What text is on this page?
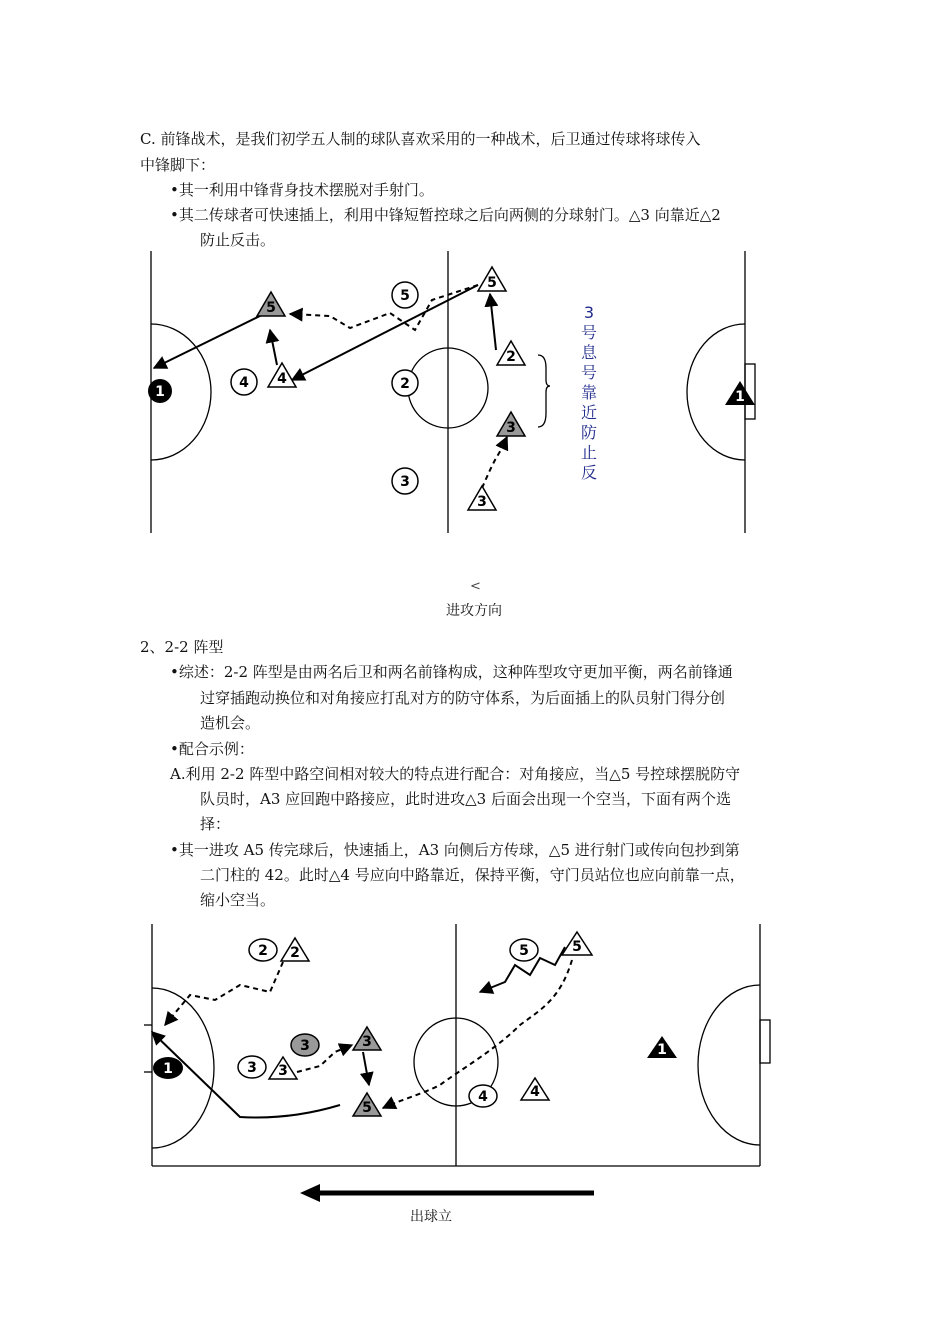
C. 前锋战术，是我们初学五人制的球队喜欢采用的一种战术，后卫通过传球将球传入
中锋脚下：
•其一利用中锋背身技术摆脱对手射门。
•其二传球者可快速插上，利用中锋短暂控球之后向两侧的分球射门。△3 向靠近△2
防止反击。
5
4	2
3
1
5
5
4
2
3
3
1
3号息号靠近防止反
<
进攻方向
2、2-2 阵型
•综述：2-2 阵型是由两名后卫和两名前锋构成，这种阵型攻守更加平衡，两名前锋通
过穿插跑动换位和对角接应打乱对方的防守体系，为后面插上的队员射门得分创
造机会。
•配合示例：
A.利用 2-2 阵型中路空间相对较大的特点进行配合：对角接应，当△5 号控球摆脱防守
队员时，A3 应回跑中路接应，此时进攻△3 后面会出现一个空当，下面有两个选
择：
•其一进攻 A5 传完球后，快速插上，A3 向侧后方传球，△5 进行射门或传向包抄到第
二门柱的 42。此时△4 号应向中路靠近，保持平衡，守门员站位也应向前靠一点，
缩小空当。
2 2	5	5
1
1
3	3
3 3
5
4	4
出球立
